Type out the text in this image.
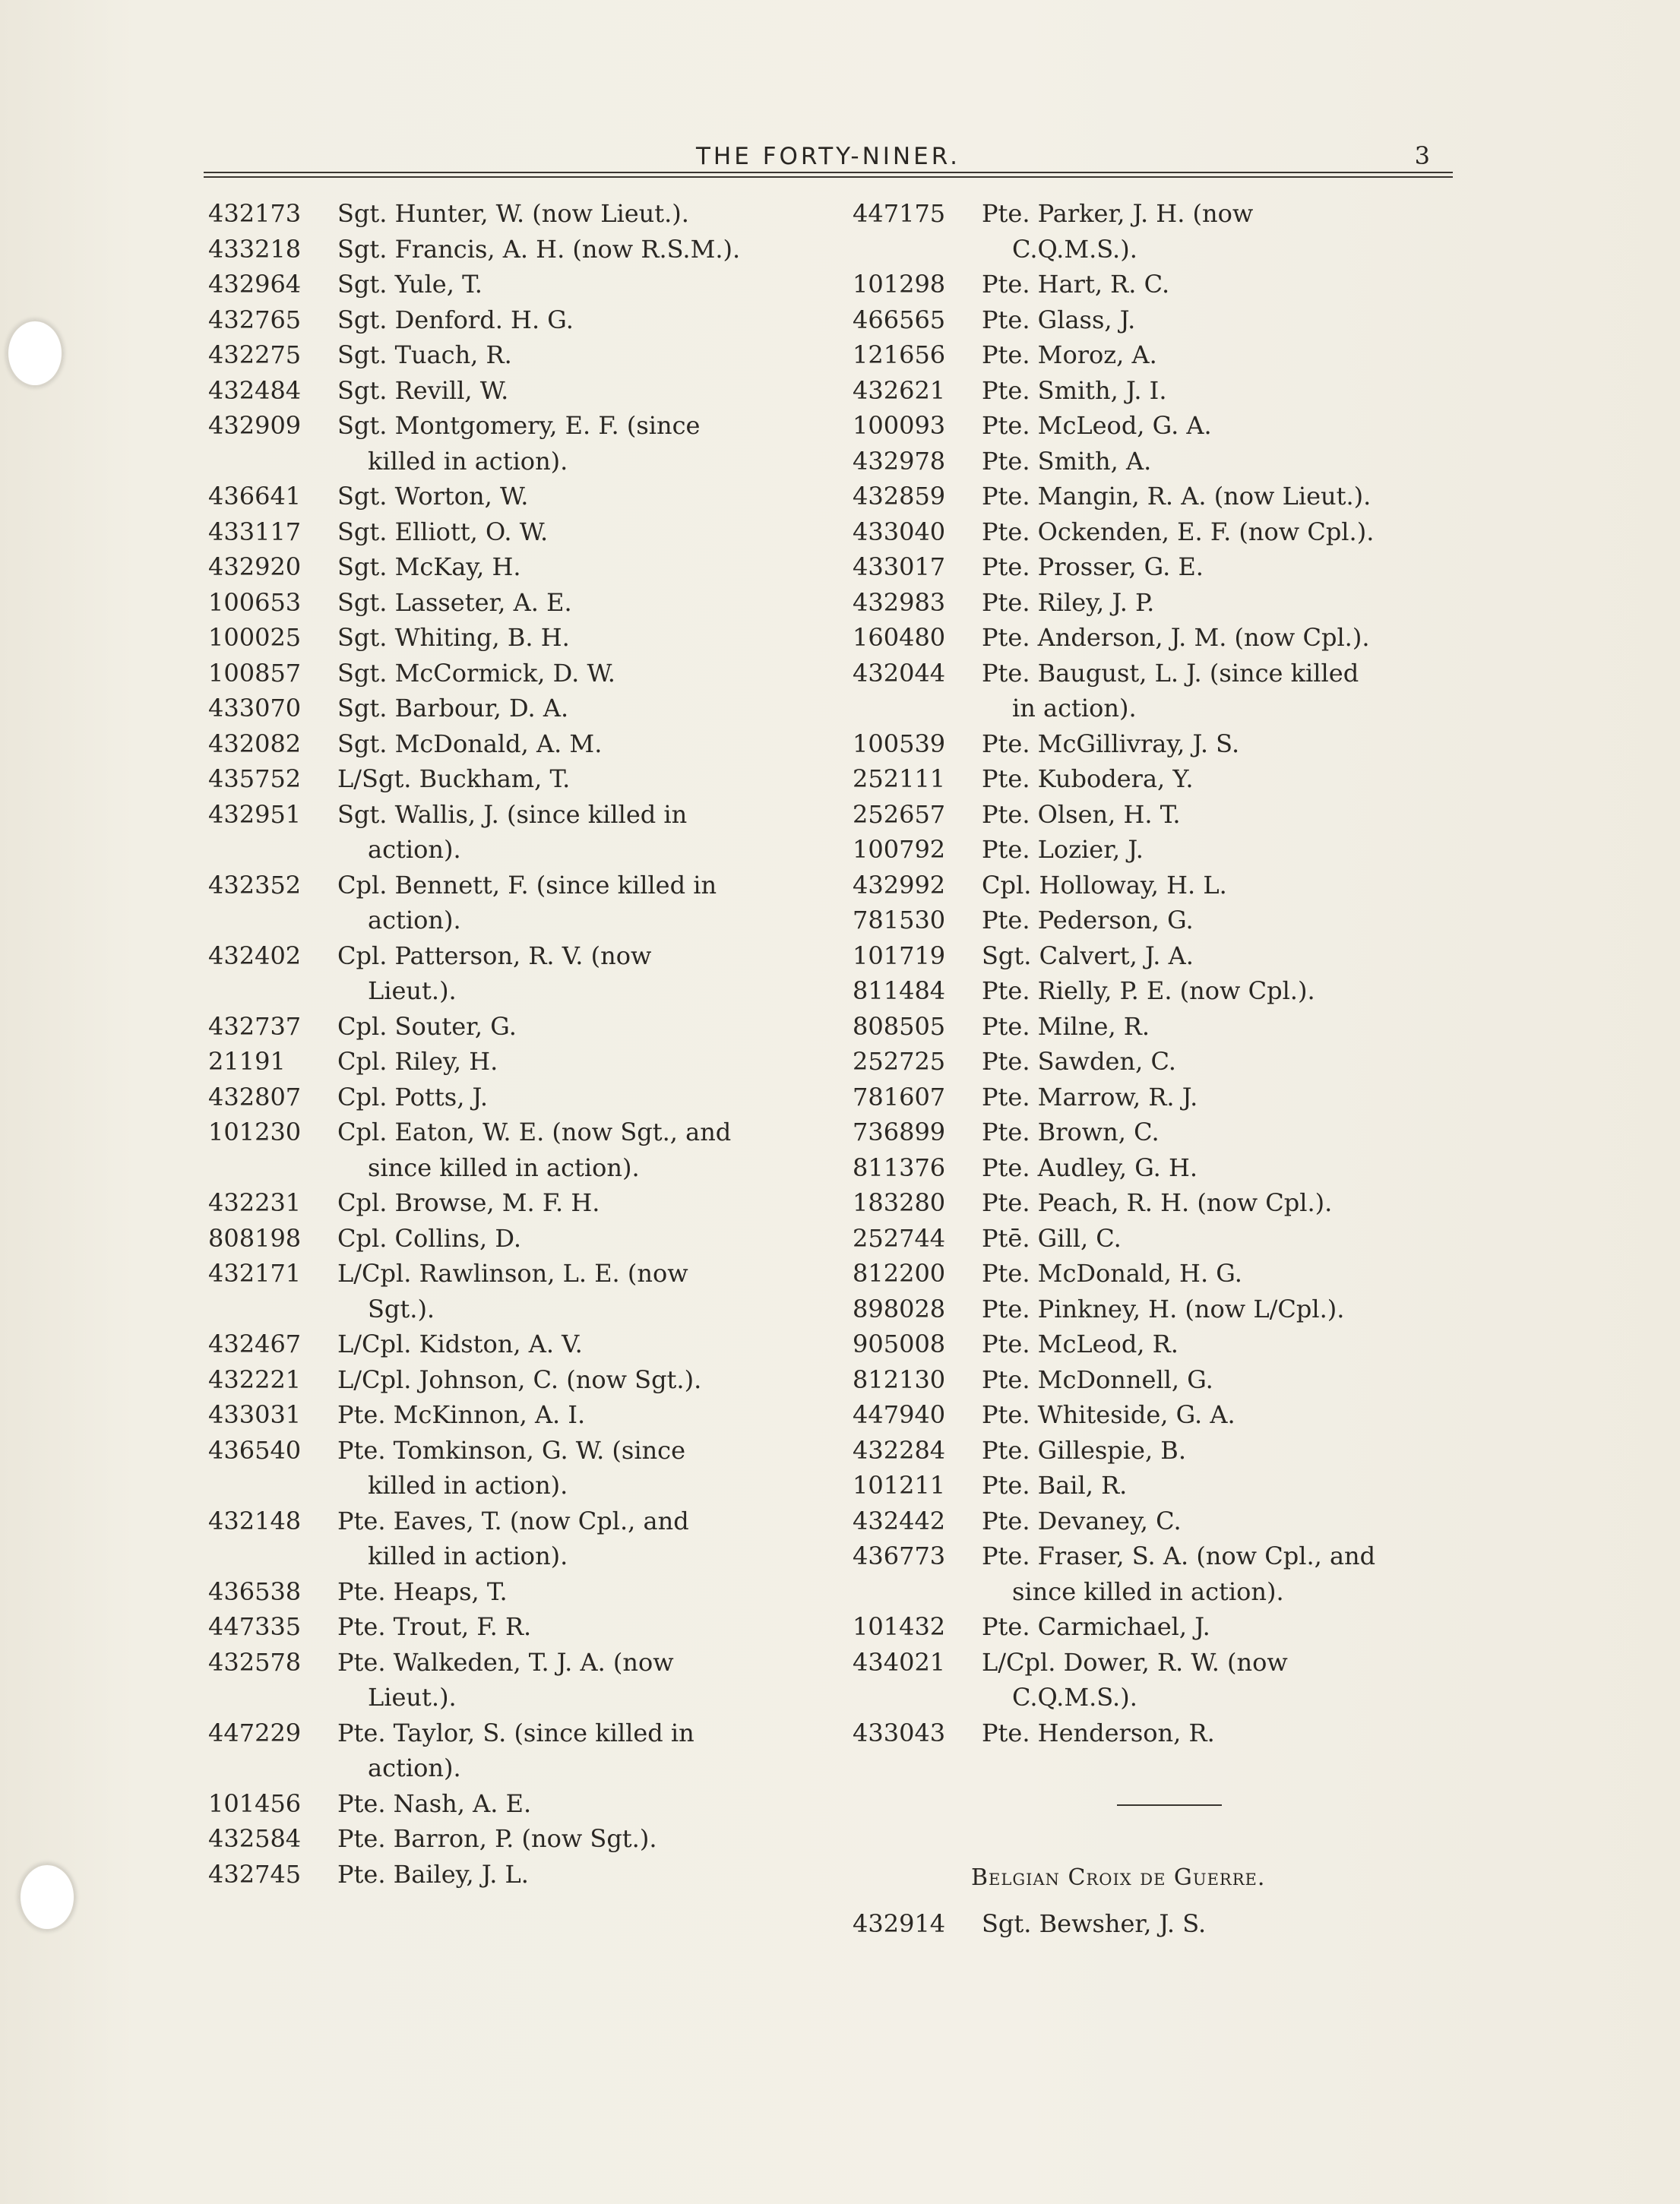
THE FORTY-NINER.	3
432173	Sgt. Hunter, W. (now Lieut.).
433218	Sgt. Francis, A. H. (now R.S.M.).
432964	Sgt. Yule, T.
432765	Sgt. Denford. H. G.
432275	Sgt. Tuach, R.
432484	Sgt. Revill, W.
432909	Sgt. Montgomery, E. F. (since
killed in action).
436641	Sgt. Worton, W.
433117	Sgt. Elliott, O. W.
432920	Sgt. McKay, H.
100653	Sgt. Lasseter, A. E.
100025	Sgt. Whiting, B. H.
100857	Sgt. McCormick, D. W.
433070	Sgt. Barbour, D. A.
432082	Sgt. McDonald, A. M.
435752	L/Sgt. Buckham, T.
432951	Sgt. Wallis, J. (since killed in
action).
432352	Cpl. Bennett, F. (since killed in
action).
432402	Cpl. Patterson, R. V. (now
Lieut.).
432737	Cpl. Souter, G.
21191	Cpl. Riley, H.
432807	Cpl. Potts, J.
101230	Cpl. Eaton, W. E. (now Sgt., and
since killed in action).
432231	Cpl. Browse, M. F. H.
808198	Cpl. Collins, D.
432171	L/Cpl. Rawlinson, L. E. (now
Sgt.).
432467	L/Cpl. Kidston, A. V.
432221	L/Cpl. Johnson, C. (now Sgt.).
433031	Pte. McKinnon, A. I.
436540	Pte. Tomkinson, G. W. (since
killed in action).
432148	Pte. Eaves, T. (now Cpl., and
killed in action).
436538	Pte. Heaps, T.
447335	Pte. Trout, F. R.
432578	Pte. Walkeden, T. J. A. (now
Lieut.).
447229	Pte. Taylor, S. (since killed in
action).
101456	Pte. Nash, A. E.
432584	Pte. Barron, P. (now Sgt.).
432745	Pte. Bailey, J. L.
447175	Pte. Parker, J. H. (now
C.Q.M.S.).
101298	Pte. Hart, R. C.
466565	Pte. Glass, J.
121656	Pte. Moroz, A.
432621	Pte. Smith, J. I.
100093	Pte. McLeod, G. A.
432978	Pte. Smith, A.
432859	Pte. Mangin, R. A. (now Lieut.).
433040	Pte. Ockenden, E. F. (now Cpl.).
433017	Pte. Prosser, G. E.
432983	Pte. Riley, J. P.
160480	Pte. Anderson, J. M. (now Cpl.).
432044	Pte. Baugust, L. J. (since killed
in action).
100539	Pte. McGillivray, J. S.
252111	Pte. Kubodera, Y.
252657	Pte. Olsen, H. T.
100792	Pte. Lozier, J.
432992	Cpl. Holloway, H. L.
781530	Pte. Pederson, G.
101719	Sgt. Calvert, J. A.
811484	Pte. Rielly, P. E. (now Cpl.).
808505	Pte. Milne, R.
252725	Pte. Sawden, C.
781607	Pte. Marrow, R. J.
736899	Pte. Brown, C.
811376	Pte. Audley, G. H.
183280	Pte. Peach, R. H. (now Cpl.).
252744	Ptē. Gill, C.
812200	Pte. McDonald, H. G.
898028	Pte. Pinkney, H. (now L/Cpl.).
905008	Pte. McLeod, R.
812130	Pte. McDonnell, G.
447940	Pte. Whiteside, G. A.
432284	Pte. Gillespie, B.
101211	Pte. Bail, R.
432442	Pte. Devaney, C.
436773	Pte. Fraser, S. A. (now Cpl., and
since killed in action).
101432	Pte. Carmichael, J.
434021	L/Cpl. Dower, R. W. (now
C.Q.M.S.).
433043	Pte. Henderson, R.
Belgian Croix de Guerre.
432914	Sgt. Bewsher, J. S.
